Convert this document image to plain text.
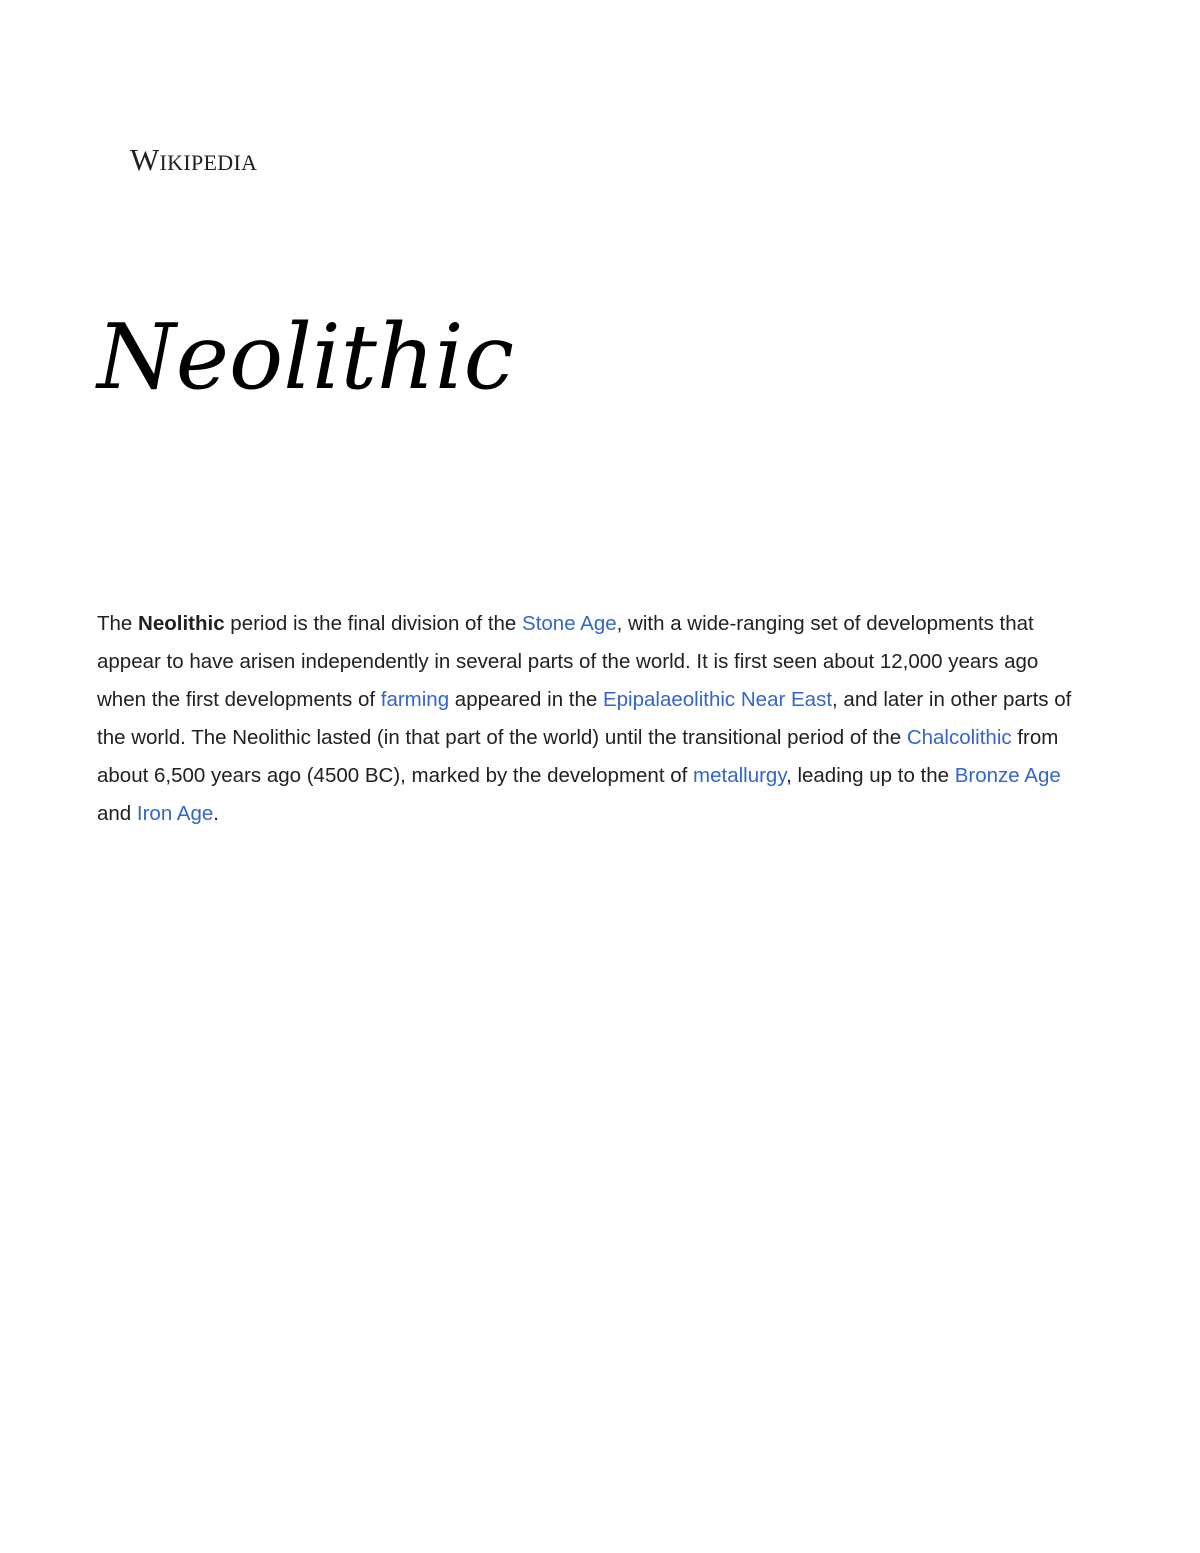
Wikipedia
Neolithic

The Neolithic period is the final division of the Stone Age, with a wide-ranging set of developments that appear to have arisen independently in several parts of the world. It is first seen about 12,000 years ago when the first developments of farming appeared in the Epipalaeolithic Near East, and later in other parts of the world. The Neolithic lasted (in that part of the world) until the transitional period of the Chalcolithic from about 6,500 years ago (4500 BC), marked by the development of metallurgy, leading up to the Bronze Age and Iron Age.
